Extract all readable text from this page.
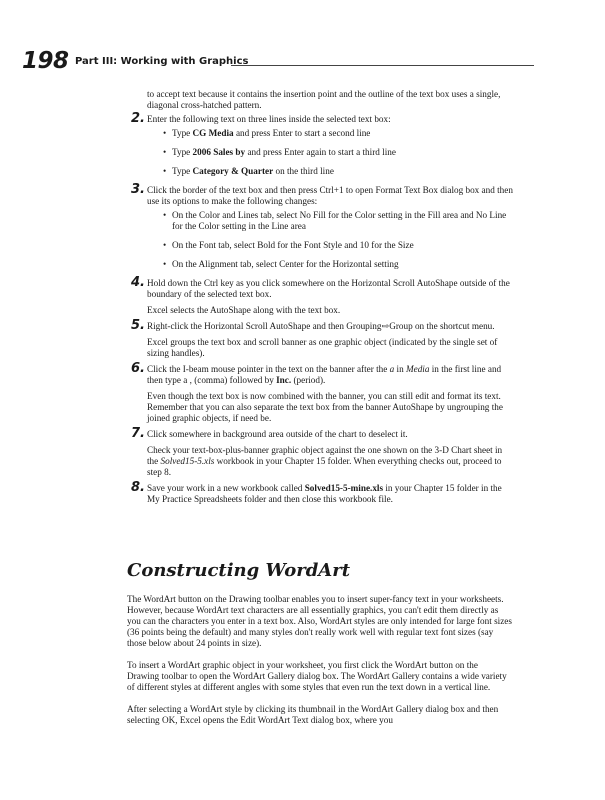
198 Part III: Working with Graphics

to accept text because it contains the insertion point and the outline of the text box uses a single, diagonal cross-hatched pattern.

2. Enter the following text on three lines inside the selected text box:

• Type CG Media and press Enter to start a second line
• Type 2006 Sales by and press Enter again to start a third line
• Type Category & Quarter on the third line
3. Click the border of the text box and then press Ctrl+1 to open Format Text Box dialog box and then use its options to make the following changes:

• On the Color and Lines tab, select No Fill for the Color setting in the Fill area and No Line for the Color setting in the Line area
• On the Font tab, select Bold for the Font Style and 10 for the Size
• On the Alignment tab, select Center for the Horizontal setting
4. Hold down the Ctrl key as you click somewhere on the Horizontal Scroll AutoShape outside of the boundary of the selected text box.

Excel selects the AutoShape along with the text box.

5. Right-click the Horizontal Scroll AutoShape and then Grouping⇨Group on the shortcut menu.

Excel groups the text box and scroll banner as one graphic object (indicated by the single set of sizing handles).

6. Click the I-beam mouse pointer in the text on the banner after the a in Media in the first line and then type a , (comma) followed by Inc. (period).

Even though the text box is now combined with the banner, you can still edit and format its text. Remember that you can also separate the text box from the banner AutoShape by ungrouping the joined graphic objects, if need be.

7. Click somewhere in background area outside of the chart to deselect it.

Check your text-box-plus-banner graphic object against the one shown on the 3-D Chart sheet in the Solved15-5.xls workbook in your Chapter 15 folder. When everything checks out, proceed to step 8.

8. Save your work in a new workbook called Solved15-5-mine.xls in your Chapter 15 folder in the My Practice Spreadsheets folder and then close this workbook file.

Constructing WordArt

The WordArt button on the Drawing toolbar enables you to insert super-fancy text in your worksheets. However, because WordArt text characters are all essentially graphics, you can't edit them directly as you can the characters you enter in a text box. Also, WordArt styles are only intended for large font sizes (36 points being the default) and many styles don't really work well with regular text font sizes (say those below about 24 points in size).

To insert a WordArt graphic object in your worksheet, you first click the WordArt button on the Drawing toolbar to open the WordArt Gallery dialog box. The WordArt Gallery contains a wide variety of different styles at different angles with some styles that even run the text down in a vertical line.

After selecting a WordArt style by clicking its thumbnail in the WordArt Gallery dialog box and then selecting OK, Excel opens the Edit WordArt Text dialog box, where you
